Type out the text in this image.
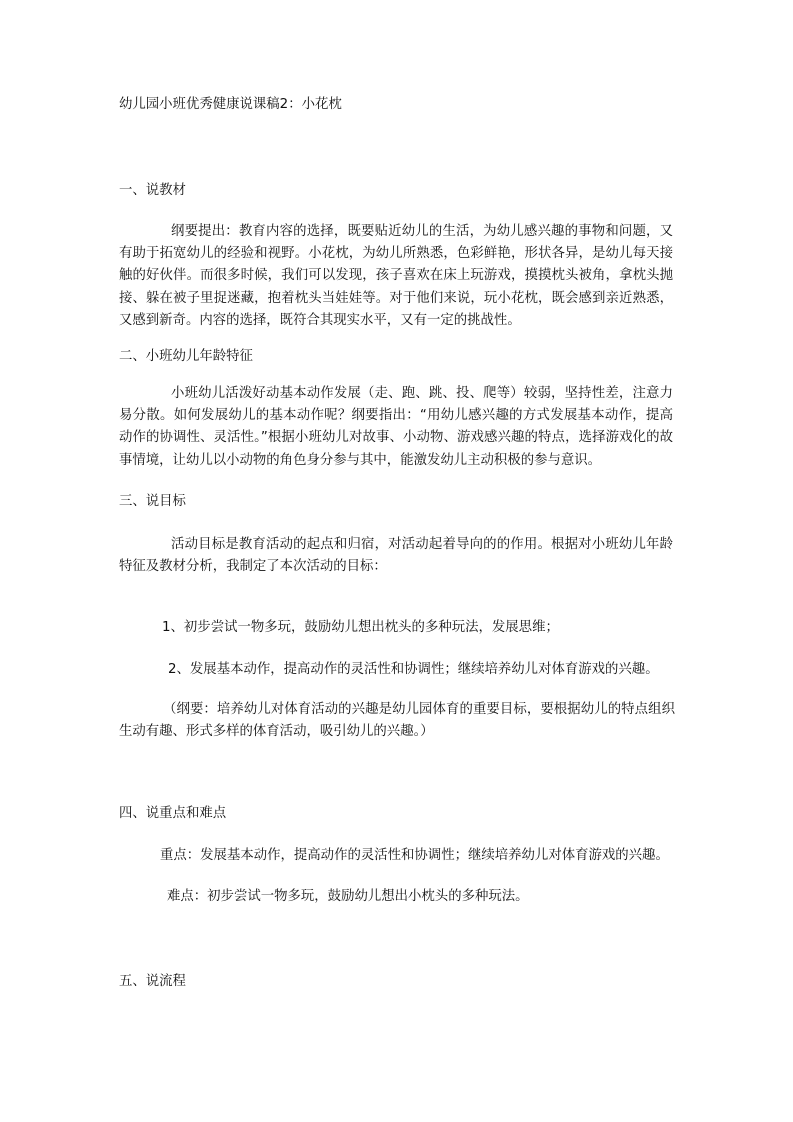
幼儿园小班优秀健康说课稿2：小花枕

一、说教材

纲要提出：教育内容的选择，既要贴近幼儿的生活，为幼儿感兴趣的事物和问题，又有助于拓宽幼儿的经验和视野。小花枕，为幼儿所熟悉，色彩鲜艳，形状各异，是幼儿每天接触的好伙伴。而很多时候，我们可以发现，孩子喜欢在床上玩游戏，摸摸枕头被角，拿枕头抛接、躲在被子里捉迷藏，抱着枕头当娃娃等。对于他们来说，玩小花枕，既会感到亲近熟悉，又感到新奇。内容的选择，既符合其现实水平，又有一定的挑战性。

二、小班幼儿年龄特征

小班幼儿活泼好动基本动作发展（走、跑、跳、投、爬等）较弱，坚持性差，注意力易分散。如何发展幼儿的基本动作呢？纲要指出：“用幼儿感兴趣的方式发展基本动作，提高动作的协调性、灵活性。”根据小班幼儿对故事、小动物、游戏感兴趣的特点，选择游戏化的故事情境，让幼儿以小动物的角色身分参与其中，能激发幼儿主动积极的参与意识。

三、说目标

活动目标是教育活动的起点和归宿，对活动起着导向的的作用。根据对小班幼儿年龄特征及教材分析，我制定了本次活动的目标：

1、初步尝试一物多玩，鼓励幼儿想出枕头的多种玩法，发展思维；

2、发展基本动作，提高动作的灵活性和协调性；继续培养幼儿对体育游戏的兴趣。

（纲要：培养幼儿对体育活动的兴趣是幼儿园体育的重要目标，要根据幼儿的特点组织生动有趣、形式多样的体育活动，吸引幼儿的兴趣。）

四、说重点和难点

重点：发展基本动作，提高动作的灵活性和协调性；继续培养幼儿对体育游戏的兴趣。

难点：初步尝试一物多玩，鼓励幼儿想出小枕头的多种玩法。

五、说流程
